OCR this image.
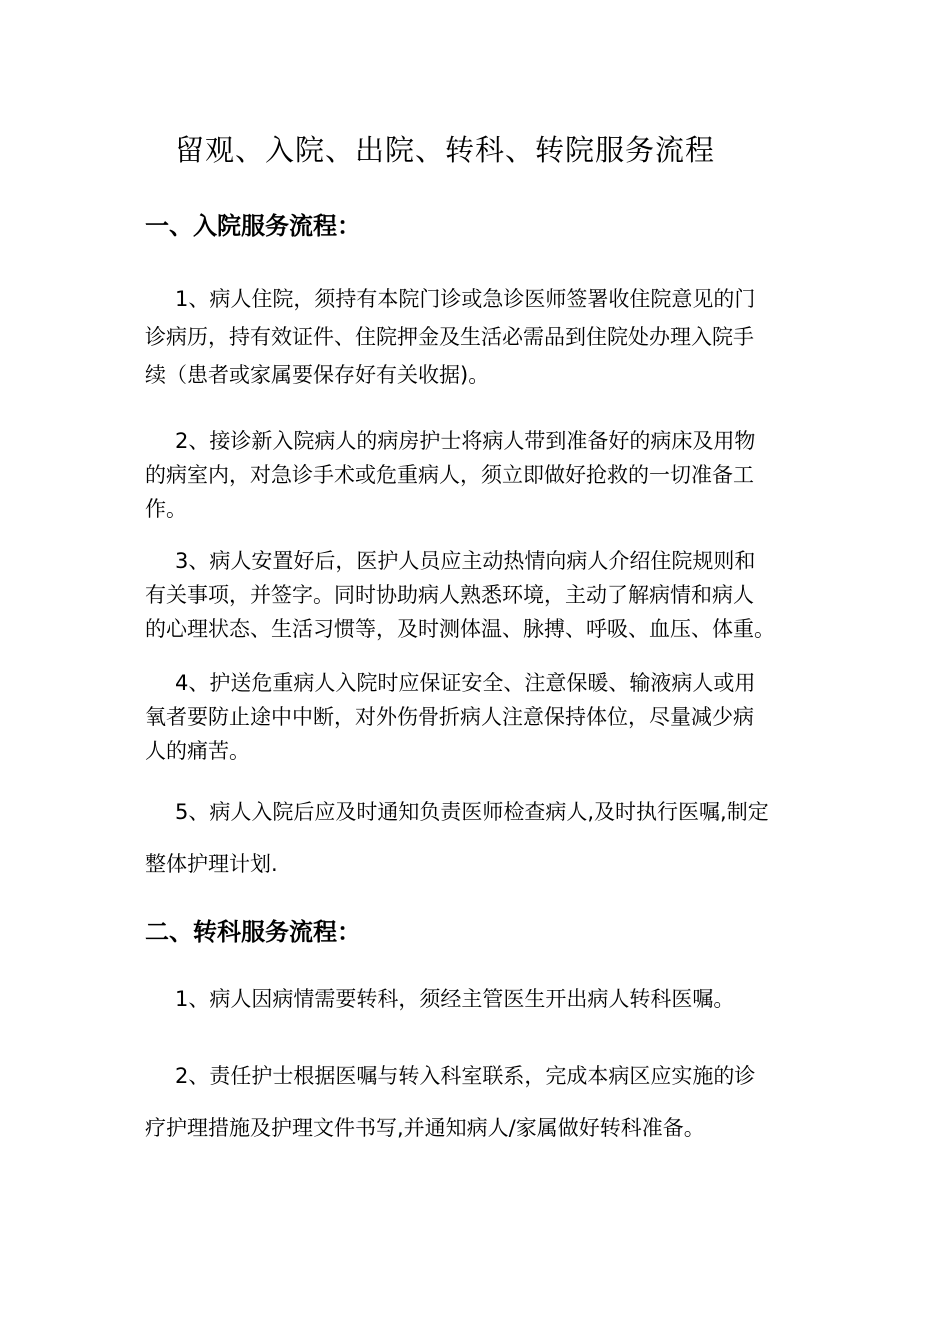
留观、入院、出院、转科、转院服务流程
一、入院服务流程：
1、病人住院，须持有本院门诊或急诊医师签署收住院意见的门
诊病历，持有效证件、住院押金及生活必需品到住院处办理入院手
续（患者或家属要保存好有关收据)。
2、接诊新入院病人的病房护士将病人带到准备好的病床及用物
的病室内，对急诊手术或危重病人，须立即做好抢救的一切准备工
作。
3、病人安置好后，医护人员应主动热情向病人介绍住院规则和
有关事项，并签字。同时协助病人熟悉环境，主动了解病情和病人
的心理状态、生活习惯等，及时测体温、脉搏、呼吸、血压、体重。
4、护送危重病人入院时应保证安全、注意保暖、输液病人或用
氧者要防止途中中断，对外伤骨折病人注意保持体位，尽量减少病
人的痛苦。
5、病人入院后应及时通知负责医师检查病人,及时执行医嘱,制定
整体护理计划.
二、转科服务流程：
1、病人因病情需要转科，须经主管医生开出病人转科医嘱。
2、责任护士根据医嘱与转入科室联系，完成本病区应实施的诊
疗护理措施及护理文件书写,并通知病人/家属做好转科准备。
